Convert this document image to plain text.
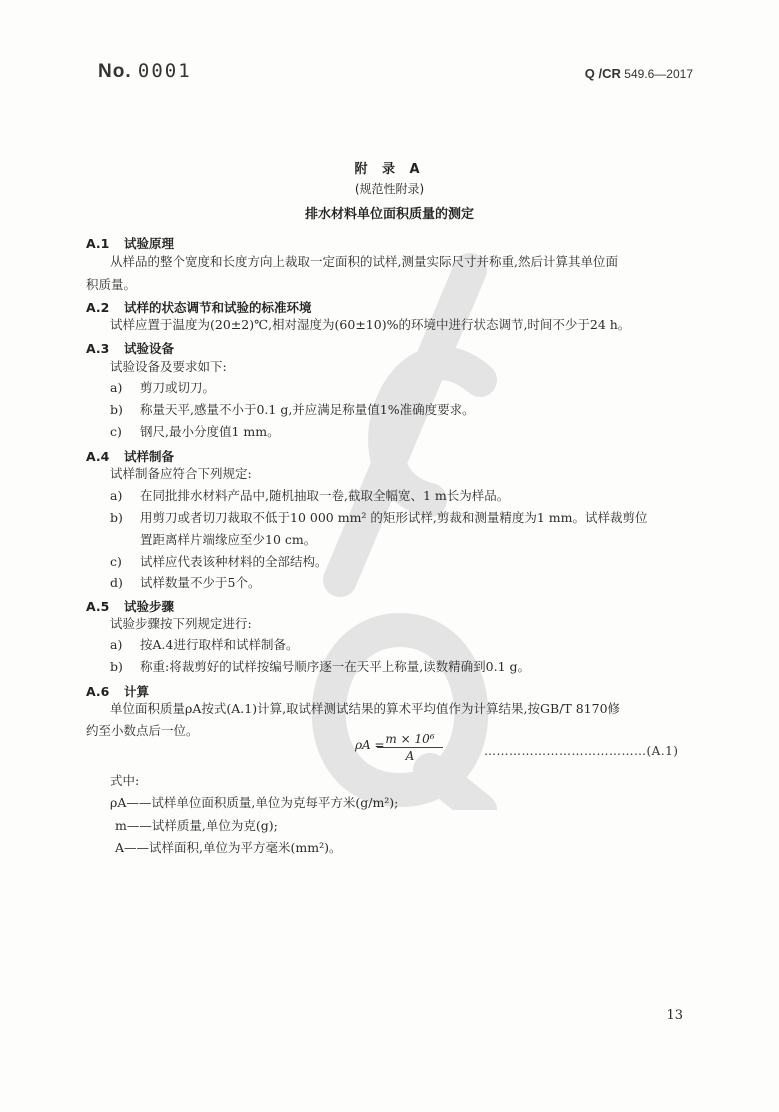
No. 0001	Q /CR 549.6—2017
附 录 A
(规范性附录)
排水材料单位面积质量的测定
A.1 试验原理
从样品的整个宽度和长度方向上裁取一定面积的试样,测量实际尺寸并称重,然后计算其单位面
积质量。
A.2 试样的状态调节和试验的标准环境
试样应置于温度为(20±2)℃,相对湿度为(60±10)%的环境中进行状态调节,时间不少于24 h。
A.3 试验设备
试验设备及要求如下:
a) 剪刀或切刀。
b) 称量天平,感量不小于0.1 g,并应满足称量值1%准确度要求。
c) 钢尺,最小分度值1 mm。
A.4 试样制备
试样制备应符合下列规定:
a) 在同批排水材料产品中,随机抽取一卷,截取全幅宽、1 m长为样品。
b) 用剪刀或者切刀裁取不低于10 000 mm² 的矩形试样,剪裁和测量精度为1 mm。试样裁剪位
置距离样片端缘应至少10 cm。
c) 试样应代表该种材料的全部结构。
d) 试样数量不少于5个。
A.5 试验步骤
试验步骤按下列规定进行:
a) 按A.4进行取样和试样制备。
b) 称重:将裁剪好的试样按编号顺序逐一在天平上称量,读数精确到0.1 g。
A.6 计算
单位面积质量ρA按式(A.1)计算,取试样测试结果的算术平均值作为计算结果,按GB/T 8170修
约至小数点后一位。
ρA =
$\frac{\text{m × 10⁶}}{A}$	…………………………………(A.1)
式中:
ρA——试样单位面积质量,单位为克每平方米(g/m²);
m——试样质量,单位为克(g);
A——试样面积,单位为平方毫米(mm²)。
13
